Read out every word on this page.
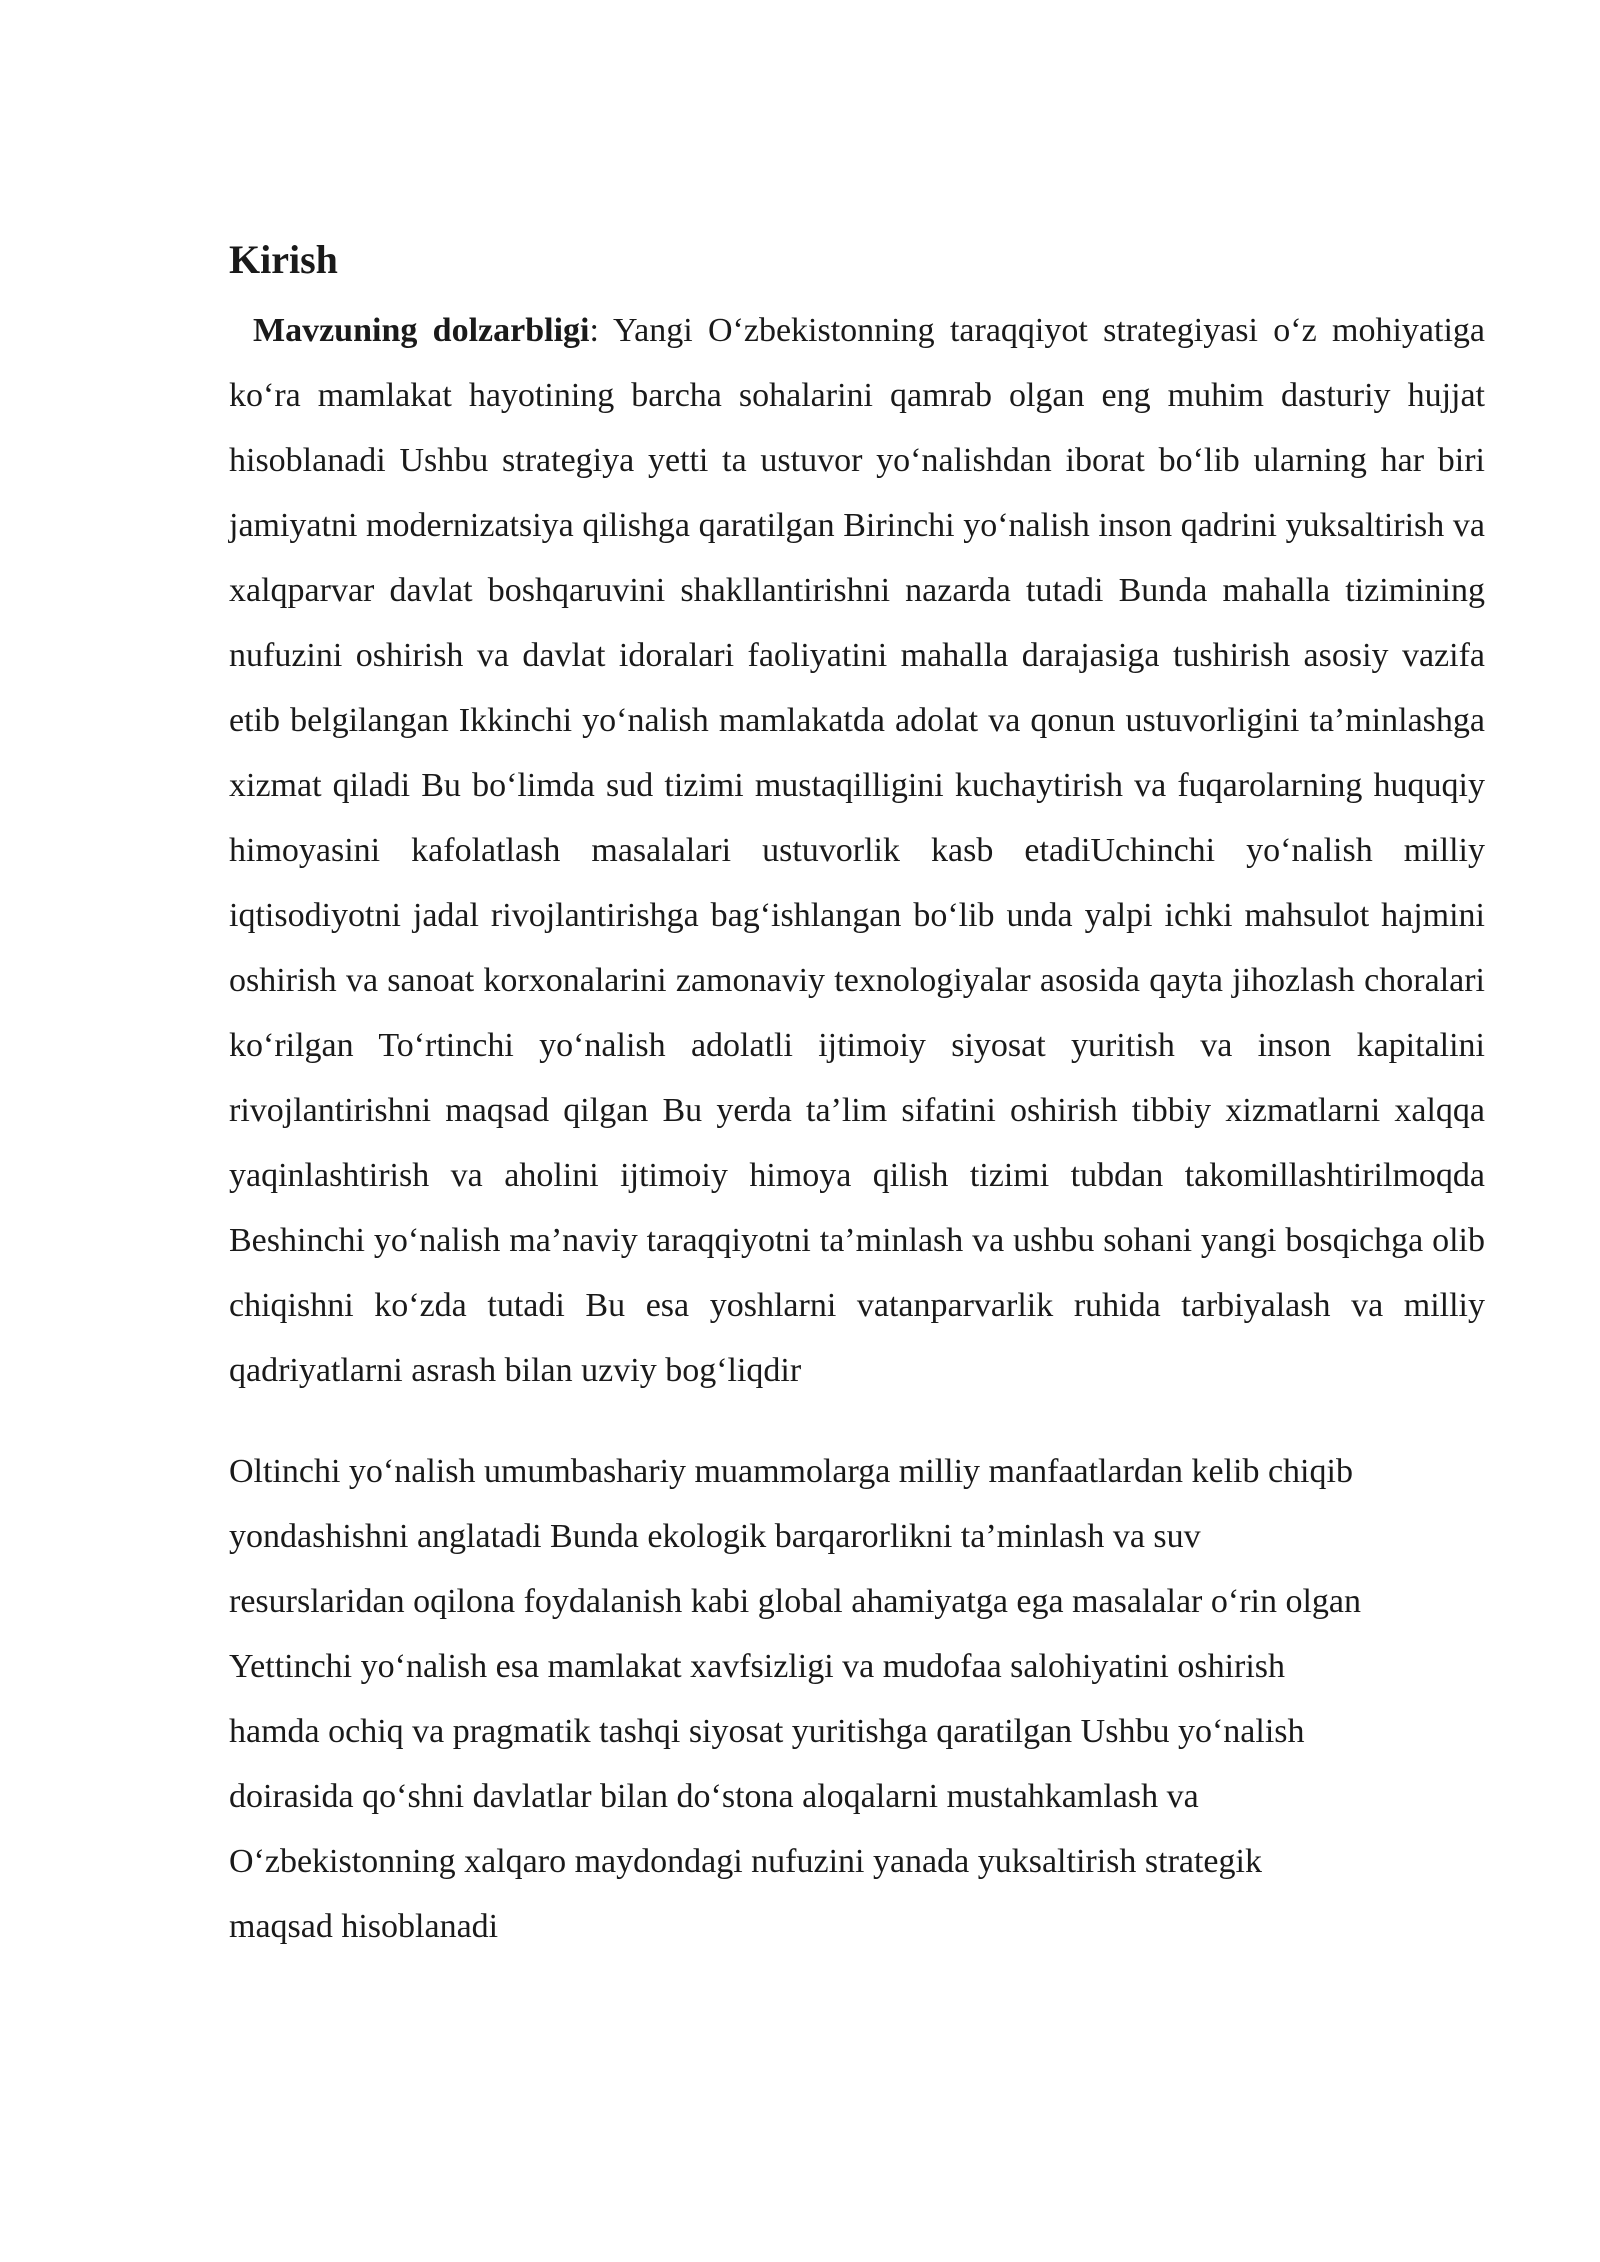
Kirish

Mavzuning dolzarbligi: Yangi O‘zbekistonning taraqqiyot strategiyasi o‘z mohiyatiga ko‘ra mamlakat hayotining barcha sohalarini qamrab olgan eng muhim dasturiy hujjat hisoblanadi Ushbu strategiya yetti ta ustuvor yo‘nalishdan iborat bo‘lib ularning har biri jamiyatni modernizatsiya qilishga qaratilgan Birinchi yo‘nalish inson qadrini yuksaltirish va xalqparvar davlat boshqaruvini shakllantirishni nazarda tutadi Bunda mahalla tizimining nufuzini oshirish va davlat idoralari faoliyatini mahalla darajasiga tushirish asosiy vazifa etib belgilangan Ikkinchi yo‘nalish mamlakatda adolat va qonun ustuvorligini ta’minlashga xizmat qiladi Bu bo‘limda sud tizimi mustaqilligini kuchaytirish va fuqarolarning huquqiy himoyasini kafolatlash masalalari ustuvorlik kasb etadiUchinchi yo‘nalish milliy iqtisodiyotni jadal rivojlantirishga bag‘ishlangan bo‘lib unda yalpi ichki mahsulot hajmini oshirish va sanoat korxonalarini zamonaviy texnologiyalar asosida qayta jihozlash choralari ko‘rilgan To‘rtinchi yo‘nalish adolatli ijtimoiy siyosat yuritish va inson kapitalini rivojlantirishni maqsad qilgan Bu yerda ta’lim sifatini oshirish tibbiy xizmatlarni xalqqa yaqinlashtirish va aholini ijtimoiy himoya qilish tizimi tubdan takomillashtirilmoqda Beshinchi yo‘nalish ma’naviy taraqqiyotni ta’minlash va ushbu sohani yangi bosqichga olib chiqishni ko‘zda tutadi Bu esa yoshlarni vatanparvarlik ruhida tarbiyalash va milliy qadriyatlarni asrash bilan uzviy bog‘liqdir

Oltinchi yo‘nalish umumbashariy muammolarga milliy manfaatlardan kelib chiqib
yondashishni anglatadi Bunda ekologik barqarorlikni ta’minlash va suv
resurslaridan oqilona foydalanish kabi global ahamiyatga ega masalalar o‘rin olgan
Yettinchi yo‘nalish esa mamlakat xavfsizligi va mudofaa salohiyatini oshirish
hamda ochiq va pragmatik tashqi siyosat yuritishga qaratilgan Ushbu yo‘nalish
doirasida qo‘shni davlatlar bilan do‘stona aloqalarni mustahkamlash va
O‘zbekistonning xalqaro maydondagi nufuzini yanada yuksaltirish strategik
maqsad hisoblanadi
